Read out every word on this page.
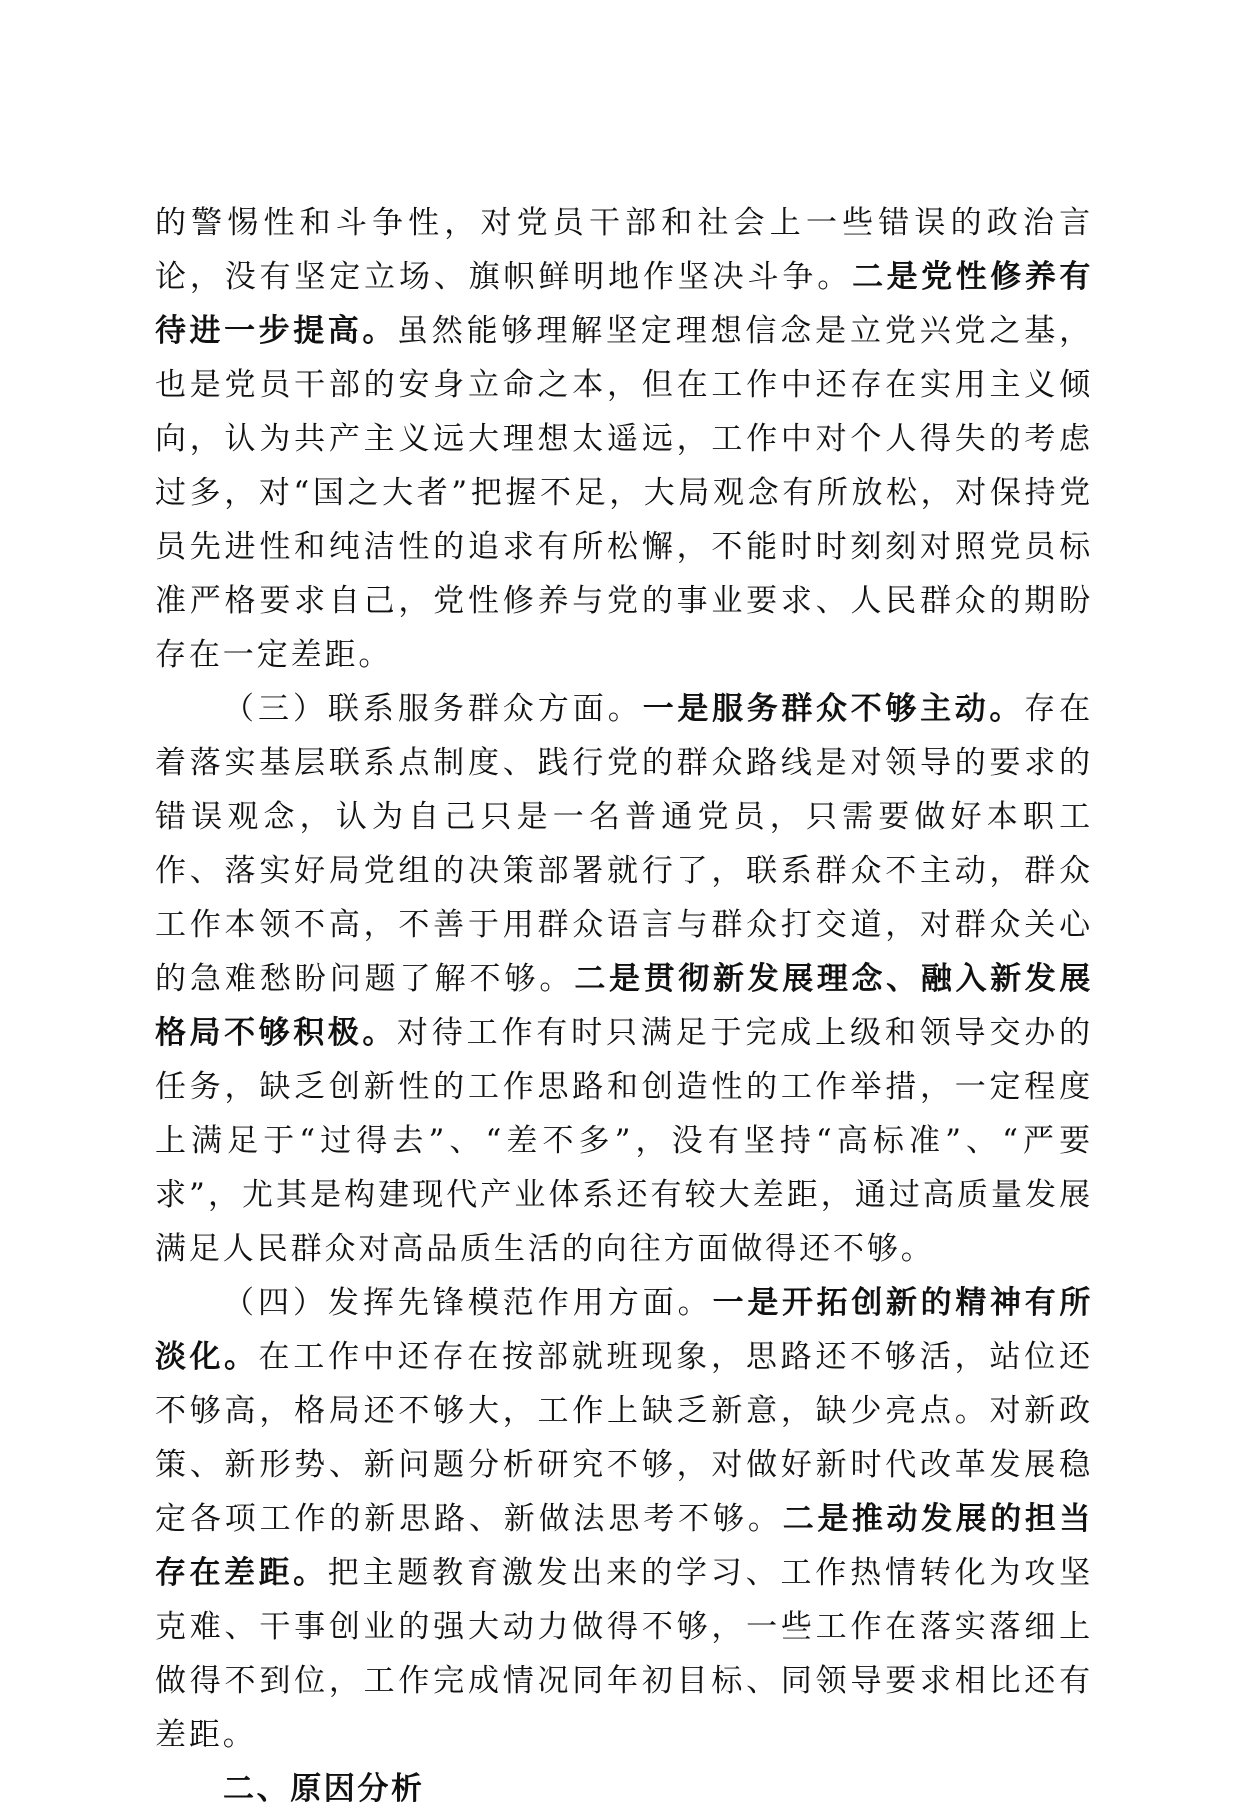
的警惕性和斗争性，对党员干部和社会上一些错误的政治言论，没有坚定立场、旗帜鲜明地作坚决斗争。二是党性修养有待进一步提高。虽然能够理解坚定理想信念是立党兴党之基，也是党员干部的安身立命之本，但在工作中还存在实用主义倾向，认为共产主义远大理想太遥远，工作中对个人得失的考虑过多，对“国之大者”把握不足，大局观念有所放松，对保持党员先进性和纯洁性的追求有所松懈，不能时时刻刻对照党员标准严格要求自己，党性修养与党的事业要求、人民群众的期盼存在一定差距。

（三）联系服务群众方面。一是服务群众不够主动。存在着落实基层联系点制度、践行党的群众路线是对领导的要求的错误观念，认为自己只是一名普通党员，只需要做好本职工作、落实好局党组的决策部署就行了，联系群众不主动，群众工作本领不高，不善于用群众语言与群众打交道，对群众关心的急难愁盼问题了解不够。二是贯彻新发展理念、融入新发展格局不够积极。对待工作有时只满足于完成上级和领导交办的任务，缺乏创新性的工作思路和创造性的工作举措，一定程度上满足于“过得去”、“差不多”，没有坚持“高标准”、“严要求”，尤其是构建现代产业体系还有较大差距，通过高质量发展满足人民群众对高品质生活的向往方面做得还不够。

（四）发挥先锋模范作用方面。一是开拓创新的精神有所淡化。在工作中还存在按部就班现象，思路还不够活，站位还不够高，格局还不够大，工作上缺乏新意，缺少亮点。对新政策、新形势、新问题分析研究不够，对做好新时代改革发展稳定各项工作的新思路、新做法思考不够。二是推动发展的担当存在差距。把主题教育激发出来的学习、工作热情转化为攻坚克难、干事创业的强大动力做得不够，一些工作在落实落细上做得不到位，工作完成情况同年初目标、同领导要求相比还有差距。

二、原因分析
